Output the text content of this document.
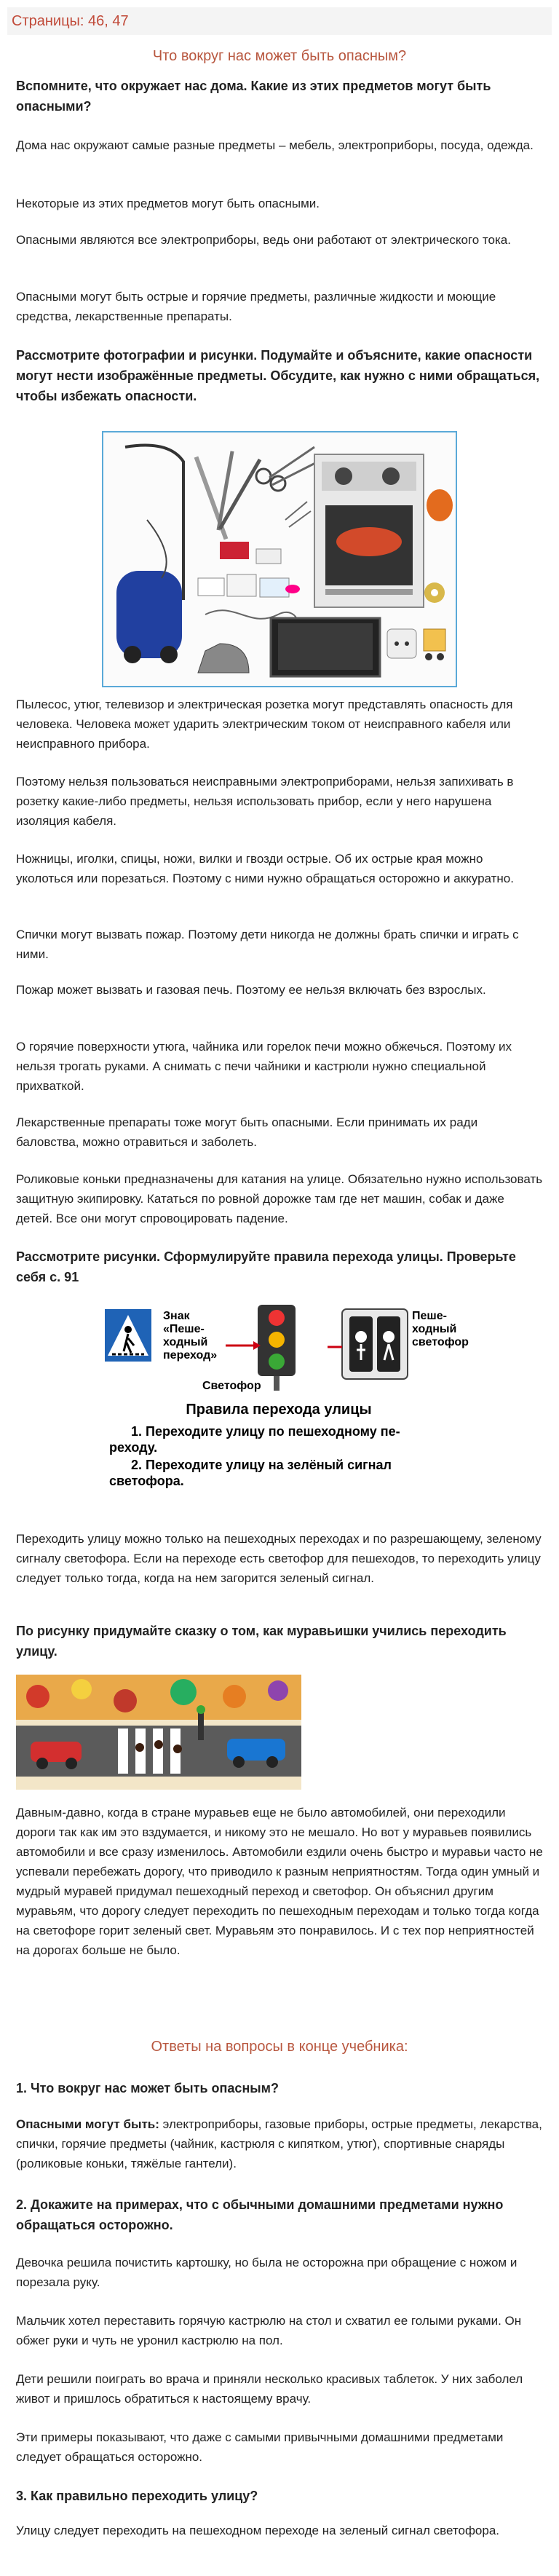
Страницы: 46, 47
Что вокруг нас может быть опасным?

Вспомните, что окружает нас дома. Какие из этих предметов могут быть опасными?

Дома нас окружают самые разные предметы – мебель, электроприборы, посуда, одежда.

Некоторые из этих предметов могут быть опасными.

Опасными являются все электроприборы, ведь они работают от электрического тока.

Опасными могут быть острые и горячие предметы, различные жидкости и моющие средства, лекарственные препараты.

Рассмотрите фотографии и рисунки. Подумайте и объясните, какие опасности могут нести изображённые предметы. Обсудите, как нужно с ними обращаться, чтобы избежать опасности.

Пылесос, утюг, телевизор и электрическая розетка могут представлять опасность для человека. Человека может ударить электрическим током от неисправного кабеля или неисправного прибора.

Поэтому нельзя пользоваться неисправными электроприборами, нельзя запихивать в розетку какие-либо предметы, нельзя использовать прибор, если у него нарушена изоляция кабеля.

Ножницы, иголки, спицы, ножи, вилки и гвозди острые. Об их острые края можно уколоться или порезаться. Поэтому с ними нужно обращаться осторожно и аккуратно.

Спички могут вызвать пожар. Поэтому дети никогда не должны брать спички и играть с ними.

Пожар может вызвать и газовая печь. Поэтому ее нельзя включать без взрослых.

О горячие поверхности утюга, чайника или горелок печи можно обжечься. Поэтому их нельзя трогать руками. А снимать с печи чайники и кастрюли нужно специальной прихваткой.

Лекарственные препараты тоже могут быть опасными. Если принимать их ради баловства, можно отравиться и заболеть.

Роликовые коньки предназначены для катания на улице. Обязательно нужно использовать защитную экипировку. Кататься по ровной дорожке там где нет машин, собак и даже детей. Все они могут спровоцировать падение.

Рассмотрите рисунки. Сформулируйте правила перехода улицы. Проверьте себя с. 91

Знак
«Пеше-
ходный
переход»
Светофор
Пеше-
ходный
светофор
Правила перехода улицы
1. Переходите улицу по пешеходному пе-
реходу.
2. Переходите улицу на зелёный сигнал
светофора.

Переходить улицу можно только на пешеходных переходах и по разрешающему, зеленому сигналу светофора. Если на переходе есть светофор для пешеходов, то переходить улицу следует только тогда, когда на нем загорится зеленый сигнал.

По рисунку придумайте сказку о том, как муравьишки учились переходить улицу.

Давным-давно, когда в стране муравьев еще не было автомобилей, они переходили дороги так как им это вздумается, и никому это не мешало. Но вот у муравьев появились автомобили и все сразу изменилось. Автомобили ездили очень быстро и муравьи часто не успевали перебежать дорогу, что приводило к разным неприятностям. Тогда один умный и мудрый муравей придумал пешеходный переход и светофор. Он объяснил другим муравьям, что дорогу следует переходить по пешеходным переходам и только тогда когда на светофоре горит зеленый свет. Муравьям это понравилось. И с тех пор неприятностей на дорогах больше не было.

Ответы на вопросы в конце учебника:

1. Что вокруг нас может быть опасным?

Опасными могут быть: электроприборы, газовые приборы, острые предметы, лекарства, спички, горячие предметы (чайник, кастрюля с кипятком, утюг), спортивные снаряды (роликовые коньки, тяжёлые гантели).

2. Докажите на примерах, что с обычными домашними предметами нужно обращаться осторожно.

Девочка решила почистить картошку, но была не осторожна при обращение с ножом и порезала руку.

Мальчик хотел переставить горячую кастрюлю на стол и схватил ее голыми руками. Он обжег руки и чуть не уронил кастрюлю на пол.

Дети решили поиграть во врача и приняли несколько красивых таблеток. У них заболел живот и пришлось обратиться к настоящему врачу.

Эти примеры показывают, что даже с самыми привычными домашними предметами следует обращаться осторожно.

3. Как правильно переходить улицу?

Улицу следует переходить на пешеходном переходе на зеленый сигнал светофора.
